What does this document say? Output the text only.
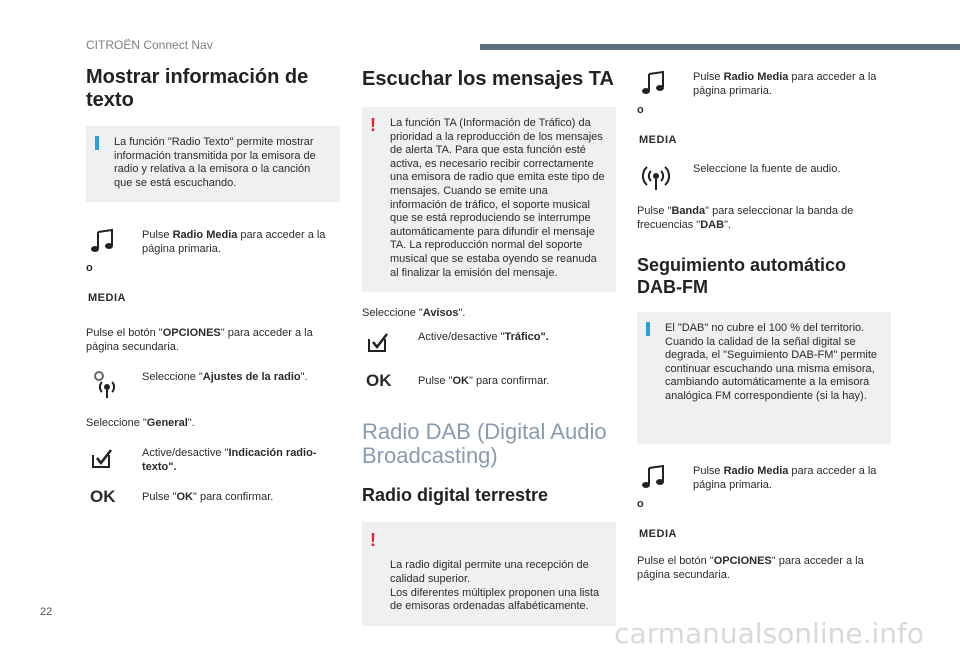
CITROËN Connect Nav
Mostrar información de texto
La función "Radio Texto" permite mostrar información transmitida por la emisora de radio y relativa a la emisora o la canción que se está escuchando.
Pulse Radio Media para acceder a la página primaria.
o
MEDIA

Pulse el botón "OPCIONES" para acceder a la página secundaria.

Seleccione "Ajustes de la radio".

Seleccione "General".

Active/desactive "Indicación radio-texto".
OK Pulse "OK" para confirmar.
Escuchar los mensajes TA
! La función TA (Información de Tráfico) da prioridad a la reproducción de los mensajes de alerta TA. Para que esta función esté activa, es necesario recibir correctamente una emisora de radio que emita este tipo de mensajes. Cuando se emite una información de tráfico, el soporte musical que se está reproduciendo se interrumpe automáticamente para difundir el mensaje TA. La reproducción normal del soporte musical que se estaba oyendo se reanuda al finalizar la emisión del mensaje.

Seleccione "Avisos".

Active/desactive "Tráfico".
OK Pulse "OK" para confirmar.
Radio DAB (Digital Audio Broadcasting)
Radio digital terrestre

!

La radio digital permite una recepción de calidad superior.
Los diferentes múltiplex proponen una lista de emisoras ordenadas alfabéticamente.

Pulse Radio Media para acceder a la página primaria.
o
MEDIA
Seleccione la fuente de audio.

Pulse "Banda" para seleccionar la banda de frecuencias "DAB".

Seguimiento automático DAB-FM
El "DAB" no cubre el 100 % del territorio. Cuando la calidad de la señal digital se degrada, el "Seguimiento DAB-FM" permite continuar escuchando una misma emisora, cambiando automáticamente a la emisora analógica FM correspondiente (si la hay).
Pulse Radio Media para acceder a la página primaria.
o
MEDIA

Pulse el botón "OPCIONES" para acceder a la página secundaria.

22
carmanualsonline.info
